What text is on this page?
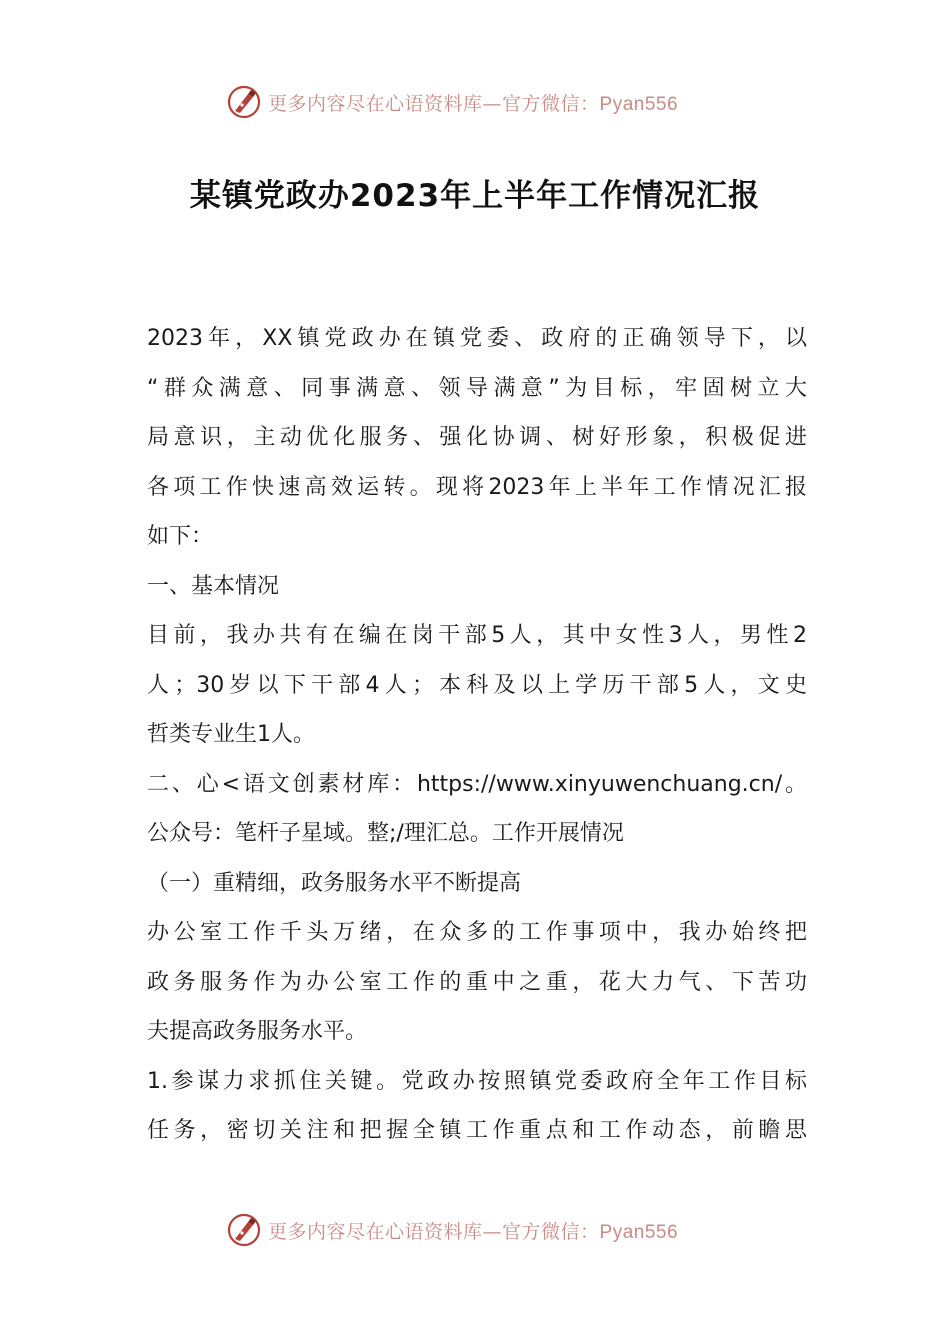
更多内容尽在心语资料库—官方微信：Pyan556
某镇党政办2023年上半年工作情况汇报
2023年，XX镇党政办在镇党委、政府的正确领导下，以
“群众满意、同事满意、领导满意”为目标，牢固树立大
局意识，主动优化服务、强化协调、树好形象，积极促进
各项工作快速高效运转。现将2023年上半年工作情况汇报
如下：
一、基本情况
目前，我办共有在编在岗干部5人，其中女性3人，男性2
人；30岁以下干部4人；本科及以上学历干部5人，文史
哲类专业生1人。
二、心<语文创素材库：https://www.xinyuwenchuang.cn/。
公众号：笔杆子星域。整;/理汇总。工作开展情况
（一）重精细，政务服务水平不断提高
办公室工作千头万绪，在众多的工作事项中，我办始终把
政务服务作为办公室工作的重中之重，花大力气、下苦功
夫提高政务服务水平。
1.参谋力求抓住关键。党政办按照镇党委政府全年工作目标
任务，密切关注和把握全镇工作重点和工作动态，前瞻思
更多内容尽在心语资料库—官方微信：Pyan556
